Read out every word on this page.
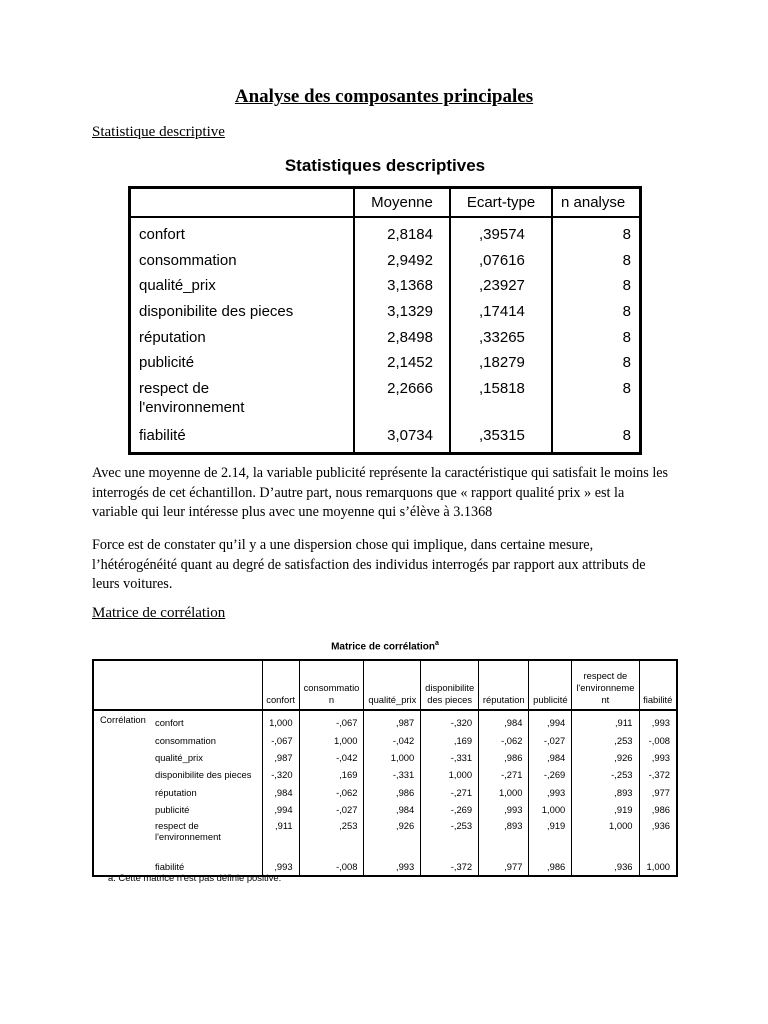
Analyse des composantes principales
Statistique descriptive
Statistiques descriptives
	Moyenne	Ecart-type	n analyse
confort	2,8184	,39574	8
consommation	2,9492	,07616	8
qualité_prix	3,1368	,23927	8
disponibilite des pieces	3,1329	,17414	8
réputation	2,8498	,33265	8
publicité	2,1452	,18279	8
respect de
l'environnement	2,2666	,15818	8
fiabilité	3,0734	,35315	8

Avec une moyenne de 2.14, la variable publicité représente la caractéristique qui satisfait le moins les interrogés de cet échantillon. D’autre part, nous remarquons que « rapport qualité prix » est la variable qui leur intéresse plus avec une moyenne qui s’élève à 3.1368

Force est de constater qu’il y a une dispersion chose qui implique, dans certaine mesure, l’hétérogénéité quant au degré de satisfaction des individus interrogés par rapport aux attributs de leurs voitures.

Matrice de corrélation
Matrice de corrélation$^a$
		confort	consommatio
n	qualité_prix	disponibilite
des pieces	réputation	publicité	respect de
l'environneme
nt	fiabilité
Corrélation	confort	1,000	-,067	,987	-,320	,984	,994	,911	,993
	consommation	-,067	1,000	-,042	,169	-,062	-,027	,253	-,008
	qualité_prix	,987	-,042	1,000	-,331	,986	,984	,926	,993
	disponibilite des pieces	-,320	,169	-,331	1,000	-,271	-,269	-,253	-,372
	réputation	,984	-,062	,986	-,271	1,000	,993	,893	,977
	publicité	,994	-,027	,984	-,269	,993	1,000	,919	,986
	respect de
l'environnement	,911	,253	,926	-,253	,893	,919	1,000	,936
	fiabilité	,993	-,008	,993	-,372	,977	,986	,936	1,000
a. Cette matrice n'est pas définie positive.
